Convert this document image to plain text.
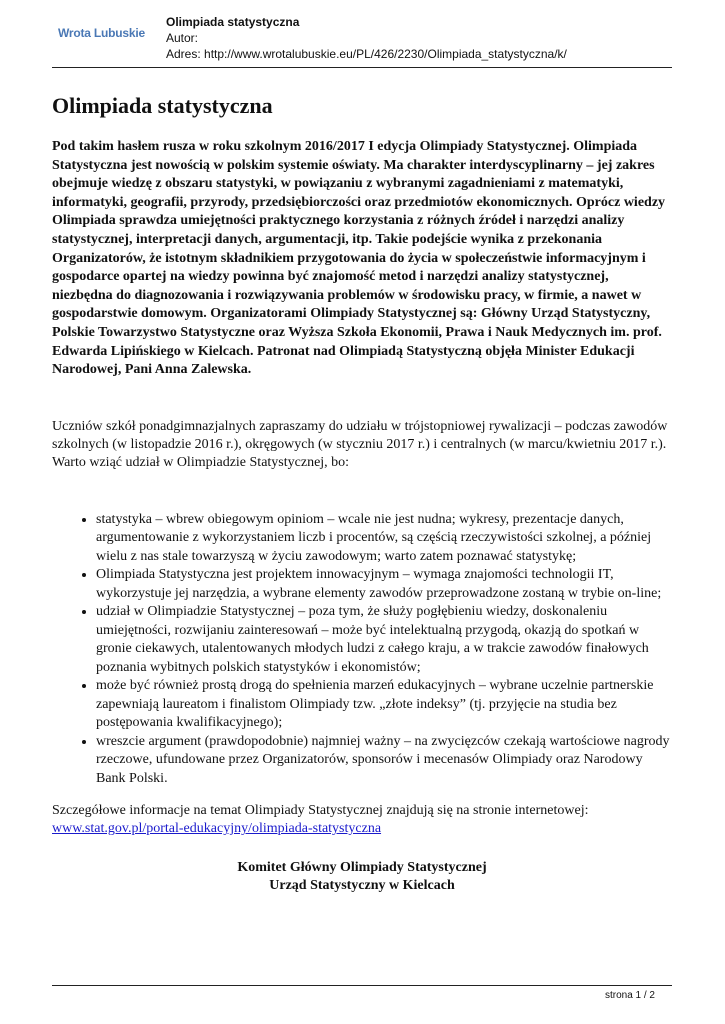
Wrota Lubuskie
Olimpiada statystyczna
Autor:
Adres: http://www.wrotalubuskie.eu/PL/426/2230/Olimpiada_statystyczna/k/
Olimpiada statystyczna

Pod takim hasłem rusza w roku szkolnym 2016/2017 I edycja Olimpiady Statystycznej. Olimpiada Statystyczna jest nowością w polskim systemie oświaty. Ma charakter interdyscyplinarny – jej zakres obejmuje wiedzę z obszaru statystyki, w powiązaniu z wybranymi zagadnieniami z matematyki, informatyki, geografii, przyrody, przedsiębiorczości oraz przedmiotów ekonomicznych. Oprócz wiedzy Olimpiada sprawdza umiejętności praktycznego korzystania z różnych źródeł i narzędzi analizy statystycznej, interpretacji danych, argumentacji, itp. Takie podejście wynika z przekonania Organizatorów, że istotnym składnikiem przygotowania do życia w społeczeństwie informacyjnym i gospodarce opartej na wiedzy powinna być znajomość metod i narzędzi analizy statystycznej, niezbędna do diagnozowania i rozwiązywania problemów w środowisku pracy, w firmie, a nawet w gospodarstwie domowym. Organizatorami Olimpiady Statystycznej są: Główny Urząd Statystyczny, Polskie Towarzystwo Statystyczne oraz Wyższa Szkoła Ekonomii, Prawa i Nauk Medycznych im. prof. Edwarda Lipińskiego w Kielcach. Patronat nad Olimpiadą Statystyczną objęła Minister Edukacji Narodowej, Pani Anna Zalewska.

Uczniów szkół ponadgimnazjalnych zapraszamy do udziału w trójstopniowej rywalizacji – podczas zawodów szkolnych (w listopadzie 2016 r.), okręgowych (w styczniu 2017 r.) i centralnych (w marcu/kwietniu 2017 r.).

Warto wziąć udział w Olimpiadzie Statystycznej, bo:

• statystyka – wbrew obiegowym opiniom – wcale nie jest nudna; wykresy, prezentacje danych, argumentowanie z wykorzystaniem liczb i procentów, są częścią rzeczywistości szkolnej, a później wielu z nas stale towarzyszą w życiu zawodowym; warto zatem poznawać statystykę;
• Olimpiada Statystyczna jest projektem innowacyjnym – wymaga znajomości technologii IT, wykorzystuje jej narzędzia, a wybrane elementy zawodów przeprowadzone zostaną w trybie on-line;
• udział w Olimpiadzie Statystycznej – poza tym, że służy pogłębieniu wiedzy, doskonaleniu umiejętności, rozwijaniu zainteresowań – może być intelektualną przygodą, okazją do spotkań w gronie ciekawych, utalentowanych młodych ludzi z całego kraju, a w trakcie zawodów finałowych poznania wybitnych polskich statystyków i ekonomistów;
• może być również prostą drogą do spełnienia marzeń edukacyjnych – wybrane uczelnie partnerskie zapewniają laureatom i finalistom Olimpiady tzw. „złote indeksy” (tj. przyjęcie na studia bez postępowania kwalifikacyjnego);
• wreszcie argument (prawdopodobnie) najmniej ważny – na zwycięzców czekają wartościowe nagrody rzeczowe, ufundowane przez Organizatorów, sponsorów i mecenasów Olimpiady oraz Narodowy Bank Polski.

Szczegółowe informacje na temat Olimpiady Statystycznej znajdują się na stronie internetowej:

www.stat.gov.pl/portal-edukacyjny/olimpiada-statystyczna

Komitet Główny Olimpiady Statystycznej
Urząd Statystyczny w Kielcach
strona 1 / 2
